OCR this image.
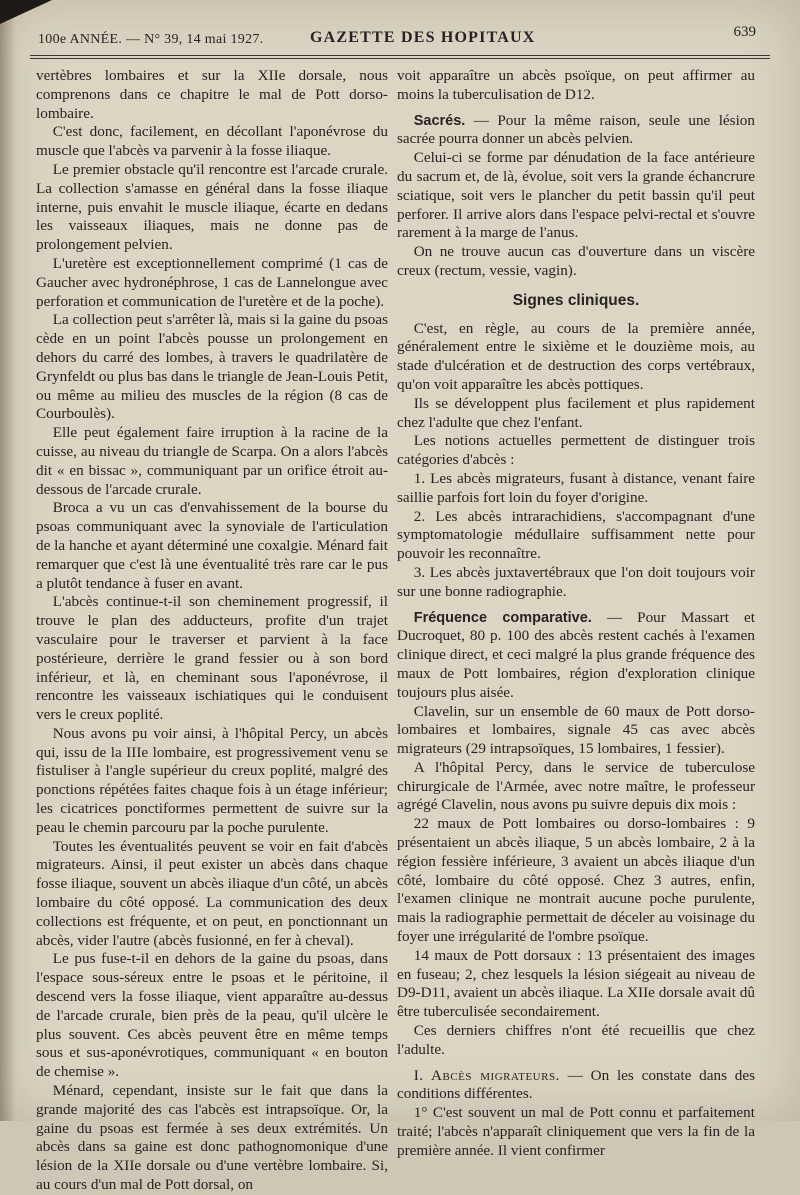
100e ANNÉE. — N° 39, 14 mai 1927.	GAZETTE DES HOPITAUX	639

vertèbres lombaires et sur la XIIe dorsale, nous comprenons dans ce chapitre le mal de Pott dorso-lombaire.

C'est donc, facilement, en décollant l'aponévrose du muscle que l'abcès va parvenir à la fosse iliaque.

Le premier obstacle qu'il rencontre est l'arcade crurale. La collection s'amasse en général dans la fosse iliaque interne, puis envahit le muscle iliaque, écarte en dedans les vaisseaux iliaques, mais ne donne pas de prolongement pelvien.

L'uretère est exceptionnellement comprimé (1 cas de Gaucher avec hydronéphrose, 1 cas de Lannelongue avec perforation et communication de l'uretère et de la poche).

La collection peut s'arrêter là, mais si la gaine du psoas cède en un point l'abcès pousse un prolongement en dehors du carré des lombes, à travers le quadrilatère de Grynfeldt ou plus bas dans le triangle de Jean-Louis Petit, ou même au milieu des muscles de la région (8 cas de Courboulès).

Elle peut également faire irruption à la racine de la cuisse, au niveau du triangle de Scarpa. On a alors l'abcès dit « en bissac », communiquant par un orifice étroit au-dessous de l'arcade crurale.

Broca a vu un cas d'envahissement de la bourse du psoas communiquant avec la synoviale de l'articulation de la hanche et ayant déterminé une coxalgie. Ménard fait remarquer que c'est là une éventualité très rare car le pus a plutôt tendance à fuser en avant.

L'abcès continue-t-il son cheminement progressif, il trouve le plan des adducteurs, profite d'un trajet vasculaire pour le traverser et parvient à la face postérieure, derrière le grand fessier ou à son bord inférieur, et là, en cheminant sous l'aponévrose, il rencontre les vaisseaux ischiatiques qui le conduisent vers le creux poplité.

Nous avons pu voir ainsi, à l'hôpital Percy, un abcès qui, issu de la IIIe lombaire, est progressivement venu se fistuliser à l'angle supérieur du creux poplité, malgré des ponctions répétées faites chaque fois à un étage inférieur; les cicatrices ponctiformes permettent de suivre sur la peau le chemin parcouru par la poche purulente.

Toutes les éventualités peuvent se voir en fait d'abcès migrateurs. Ainsi, il peut exister un abcès dans chaque fosse iliaque, souvent un abcès iliaque d'un côté, un abcès lombaire du côté opposé. La communication des deux collections est fréquente, et on peut, en ponctionnant un abcès, vider l'autre (abcès fusionné, en fer à cheval).

Le pus fuse-t-il en dehors de la gaine du psoas, dans l'espace sous-séreux entre le psoas et le péritoine, il descend vers la fosse iliaque, vient apparaître au-dessus de l'arcade crurale, bien près de la peau, qu'il ulcère le plus souvent. Ces abcès peuvent être en même temps sous et sus-aponévrotiques, communiquant « en bouton de chemise ».

Ménard, cependant, insiste sur le fait que dans la grande majorité des cas l'abcès est intrapsoïque. Or, la gaine du psoas est fermée à ses deux extrémités. Un abcès dans sa gaine est donc pathognomonique d'une lésion de la XIIe dorsale ou d'une vertèbre lombaire. Si, au cours d'un mal de Pott dorsal, on

voit apparaître un abcès psoïque, on peut affirmer au moins la tuberculisation de D12.

Sacrés. — Pour la même raison, seule une lésion sacrée pourra donner un abcès pelvien.

Celui-ci se forme par dénudation de la face antérieure du sacrum et, de là, évolue, soit vers la grande échancrure sciatique, soit vers le plancher du petit bassin qu'il peut perforer. Il arrive alors dans l'espace pelvi-rectal et s'ouvre rarement à la marge de l'anus.

On ne trouve aucun cas d'ouverture dans un viscère creux (rectum, vessie, vagin).

Signes cliniques.

C'est, en règle, au cours de la première année, généralement entre le sixième et le douzième mois, au stade d'ulcération et de destruction des corps vertébraux, qu'on voit apparaître les abcès pottiques.

Ils se développent plus facilement et plus rapidement chez l'adulte que chez l'enfant.

Les notions actuelles permettent de distinguer trois catégories d'abcès :

1. Les abcès migrateurs, fusant à distance, venant faire saillie parfois fort loin du foyer d'origine.

2. Les abcès intrarachidiens, s'accompagnant d'une symptomatologie médullaire suffisamment nette pour pouvoir les reconnaître.

3. Les abcès juxtavertébraux que l'on doit toujours voir sur une bonne radiographie.

Fréquence comparative. — Pour Massart et Ducroquet, 80 p. 100 des abcès restent cachés à l'examen clinique direct, et ceci malgré la plus grande fréquence des maux de Pott lombaires, région d'exploration clinique toujours plus aisée.

Clavelin, sur un ensemble de 60 maux de Pott dorso-lombaires et lombaires, signale 45 cas avec abcès migrateurs (29 intrapsoïques, 15 lombaires, 1 fessier).

A l'hôpital Percy, dans le service de tuberculose chirurgicale de l'Armée, avec notre maître, le professeur agrégé Clavelin, nous avons pu suivre depuis dix mois :

22 maux de Pott lombaires ou dorso-lombaires : 9 présentaient un abcès iliaque, 5 un abcès lombaire, 2 à la région fessière inférieure, 3 avaient un abcès iliaque d'un côté, lombaire du côté opposé. Chez 3 autres, enfin, l'examen clinique ne montrait aucune poche purulente, mais la radiographie permettait de déceler au voisinage du foyer une irrégularité de l'ombre psoïque.

14 maux de Pott dorsaux : 13 présentaient des images en fuseau; 2, chez lesquels la lésion siégeait au niveau de D9-D11, avaient un abcès iliaque. La XIIe dorsale avait dû être tuberculisée secondairement.

Ces derniers chiffres n'ont été recueillis que chez l'adulte.

I. Abcès migrateurs. — On les constate dans des conditions différentes.

1° C'est souvent un mal de Pott connu et parfaitement traité; l'abcès n'apparaît cliniquement que vers la fin de la première année. Il vient confirmer
